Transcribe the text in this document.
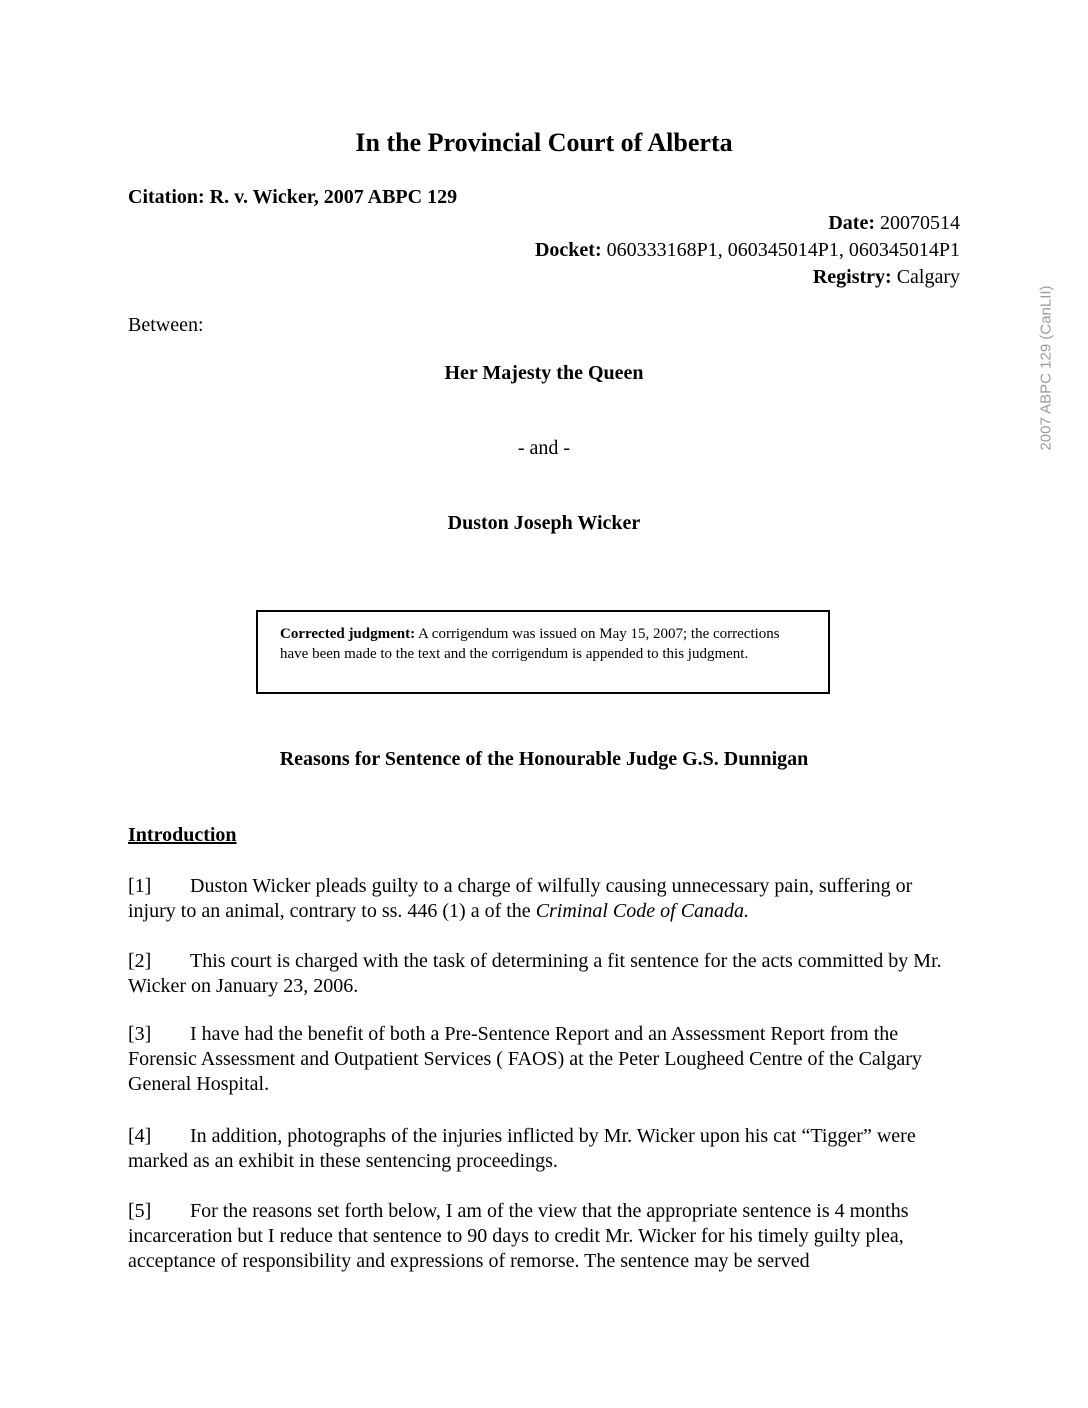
In the Provincial Court of Alberta
Citation: R. v. Wicker, 2007 ABPC 129
Date: 20070514
Docket: 060333168P1, 060345014P1, 060345014P1
Registry: Calgary
Between:
Her Majesty the Queen
- and -
Duston Joseph Wicker
Corrected judgment: A corrigendum was issued on May 15, 2007; the corrections have been made to the text and the corrigendum is appended to this judgment.
Reasons for Sentence of the Honourable Judge G.S. Dunnigan
Introduction
[1] Duston Wicker pleads guilty to a charge of wilfully causing unnecessary pain, suffering or injury to an animal, contrary to ss. 446 (1) a of the Criminal Code of Canada.
[2] This court is charged with the task of determining a fit sentence for the acts committed by Mr. Wicker on January 23, 2006.
[3] I have had the benefit of both a Pre-Sentence Report and an Assessment Report from the Forensic Assessment and Outpatient Services ( FAOS) at the Peter Lougheed Centre of the Calgary General Hospital.
[4] In addition, photographs of the injuries inflicted by Mr. Wicker upon his cat “Tigger” were marked as an exhibit in these sentencing proceedings.
[5] For the reasons set forth below, I am of the view that the appropriate sentence is 4 months incarceration but I reduce that sentence to 90 days to credit Mr. Wicker for his timely guilty plea, acceptance of responsibility and expressions of remorse. The sentence may be served
2007 ABPC 129 (CanLII)
